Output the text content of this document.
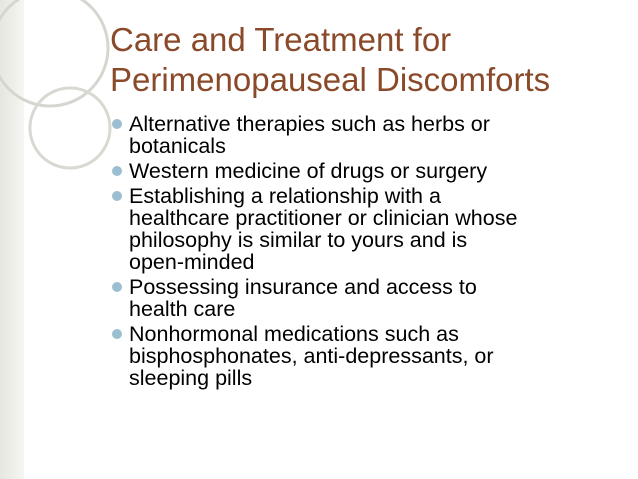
Care and Treatment for
Perimenopauseal Discomforts
Alternative therapies such as herbs or
botanicals
Western medicine of drugs or surgery
Establishing a relationship with a
healthcare practitioner or clinician whose
philosophy is similar to yours and is
open-minded
Possessing insurance and access to
health care
Nonhormonal medications such as
bisphosphonates, anti-depressants, or
sleeping pills
